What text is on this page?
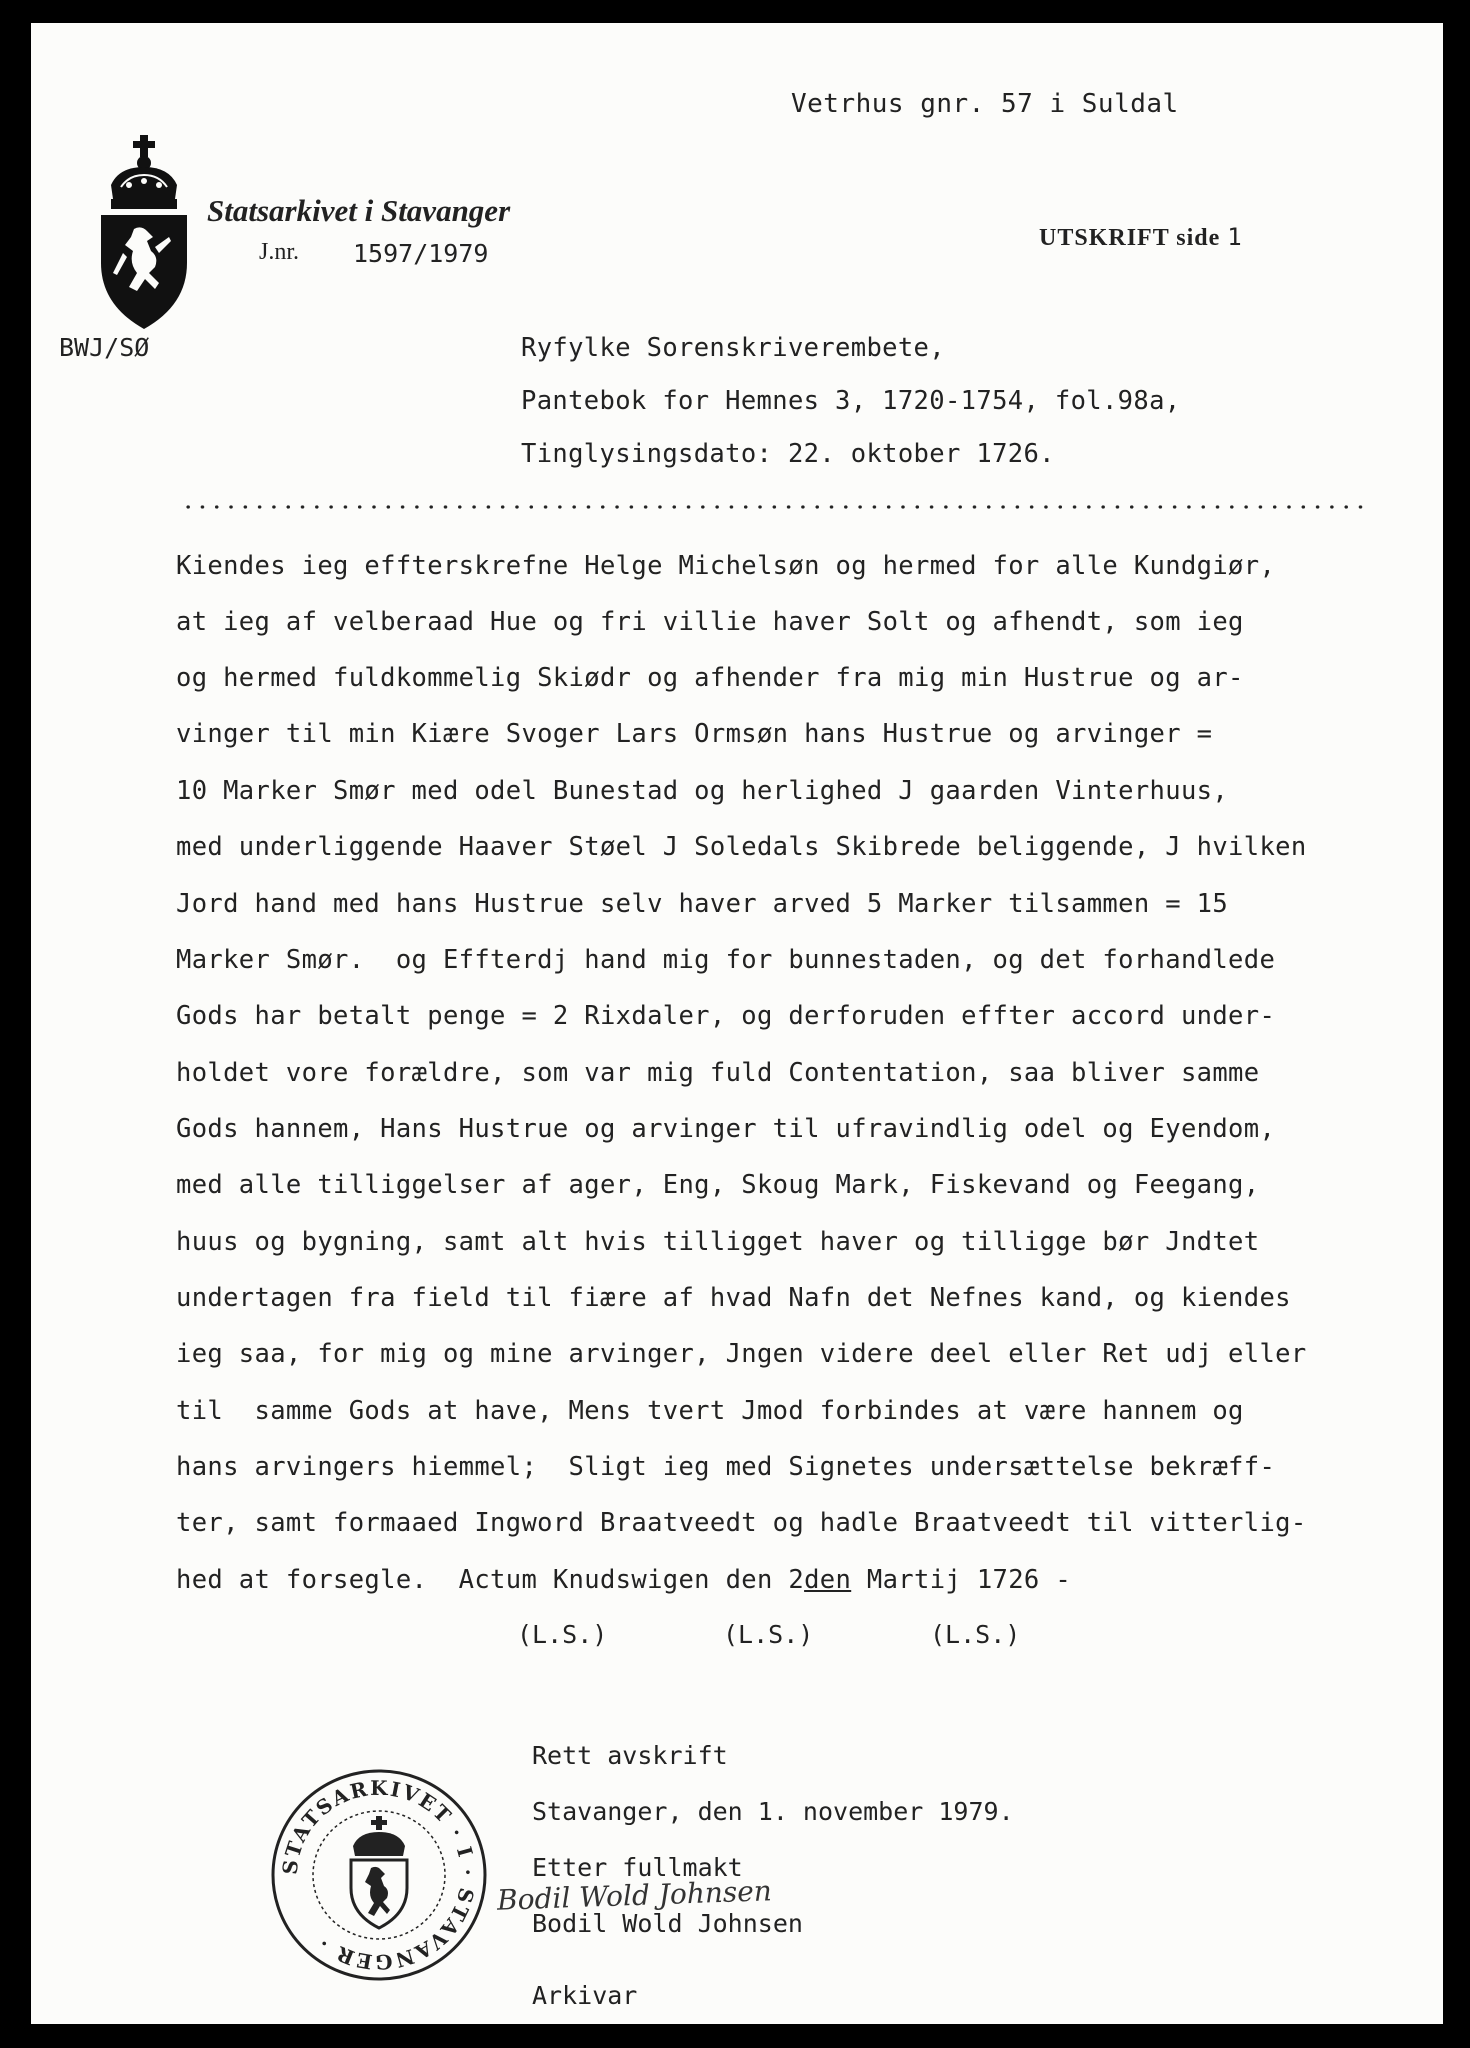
Vetrhus gnr. 57 i Suldal
Statsarkivet i Stavanger
J.nr. 1597/1979
UTSKRIFT side 1
BWJ/SØ	Ryfylke Sorenskriverembete,
Pantebok for Hemnes 3, 1720-1754, fol.98a,
Tinglysingsdato: 22. oktober 1726.
Kiendes ieg effterskrefne Helge Michelsøn og hermed for alle Kundgiør,
at ieg af velberaad Hue og fri villie haver Solt og afhendt, som ieg
og hermed fuldkommelig Skiødr og afhender fra mig min Hustrue og ar-
vinger til min Kiære Svoger Lars Ormsøn hans Hustrue og arvinger =
10 Marker Smør med odel Bunestad og herlighed J gaarden Vinterhuus,
med underliggende Haaver Støel J Soledals Skibrede beliggende, J hvilken
Jord hand med hans Hustrue selv haver arved 5 Marker tilsammen = 15
Marker Smør.  og Effterdj hand mig for bunnestaden, og det forhandlede
Gods har betalt penge = 2 Rixdaler, og derforuden effter accord under-
holdet vore forældre, som var mig fuld Contentation, saa bliver samme
Gods hannem, Hans Hustrue og arvinger til ufravindlig odel og Eyendom,
med alle tilliggelser af ager, Eng, Skoug Mark, Fiskevand og Feegang,
huus og bygning, samt alt hvis tilligget haver og tilligge bør Jndtet
undertagen fra field til fiære af hvad Nafn det Nefnes kand, og kiendes
ieg saa, for mig og mine arvinger, Jngen videre deel eller Ret udj eller
til  samme Gods at have, Mens tvert Jmod forbindes at være hannem og
hans arvingers hiemmel;  Sligt ieg med Signetes undersættelse bekræff-
ter, samt formaaed Ingword Braatveedt og hadle Braatveedt til vitterlig-
hed at forsegle.  Actum Knudswigen den 2den Martij 1726 -
(L.S.)	(L.S.)	(L.S.)
Rett avskrift
Stavanger, den 1. november 1979.
Etter fullmakt
Bodil Wold Johnsen
Bodil Wold Johnsen
Arkivar
STATSARKIVET · I · STAVANGER ·
